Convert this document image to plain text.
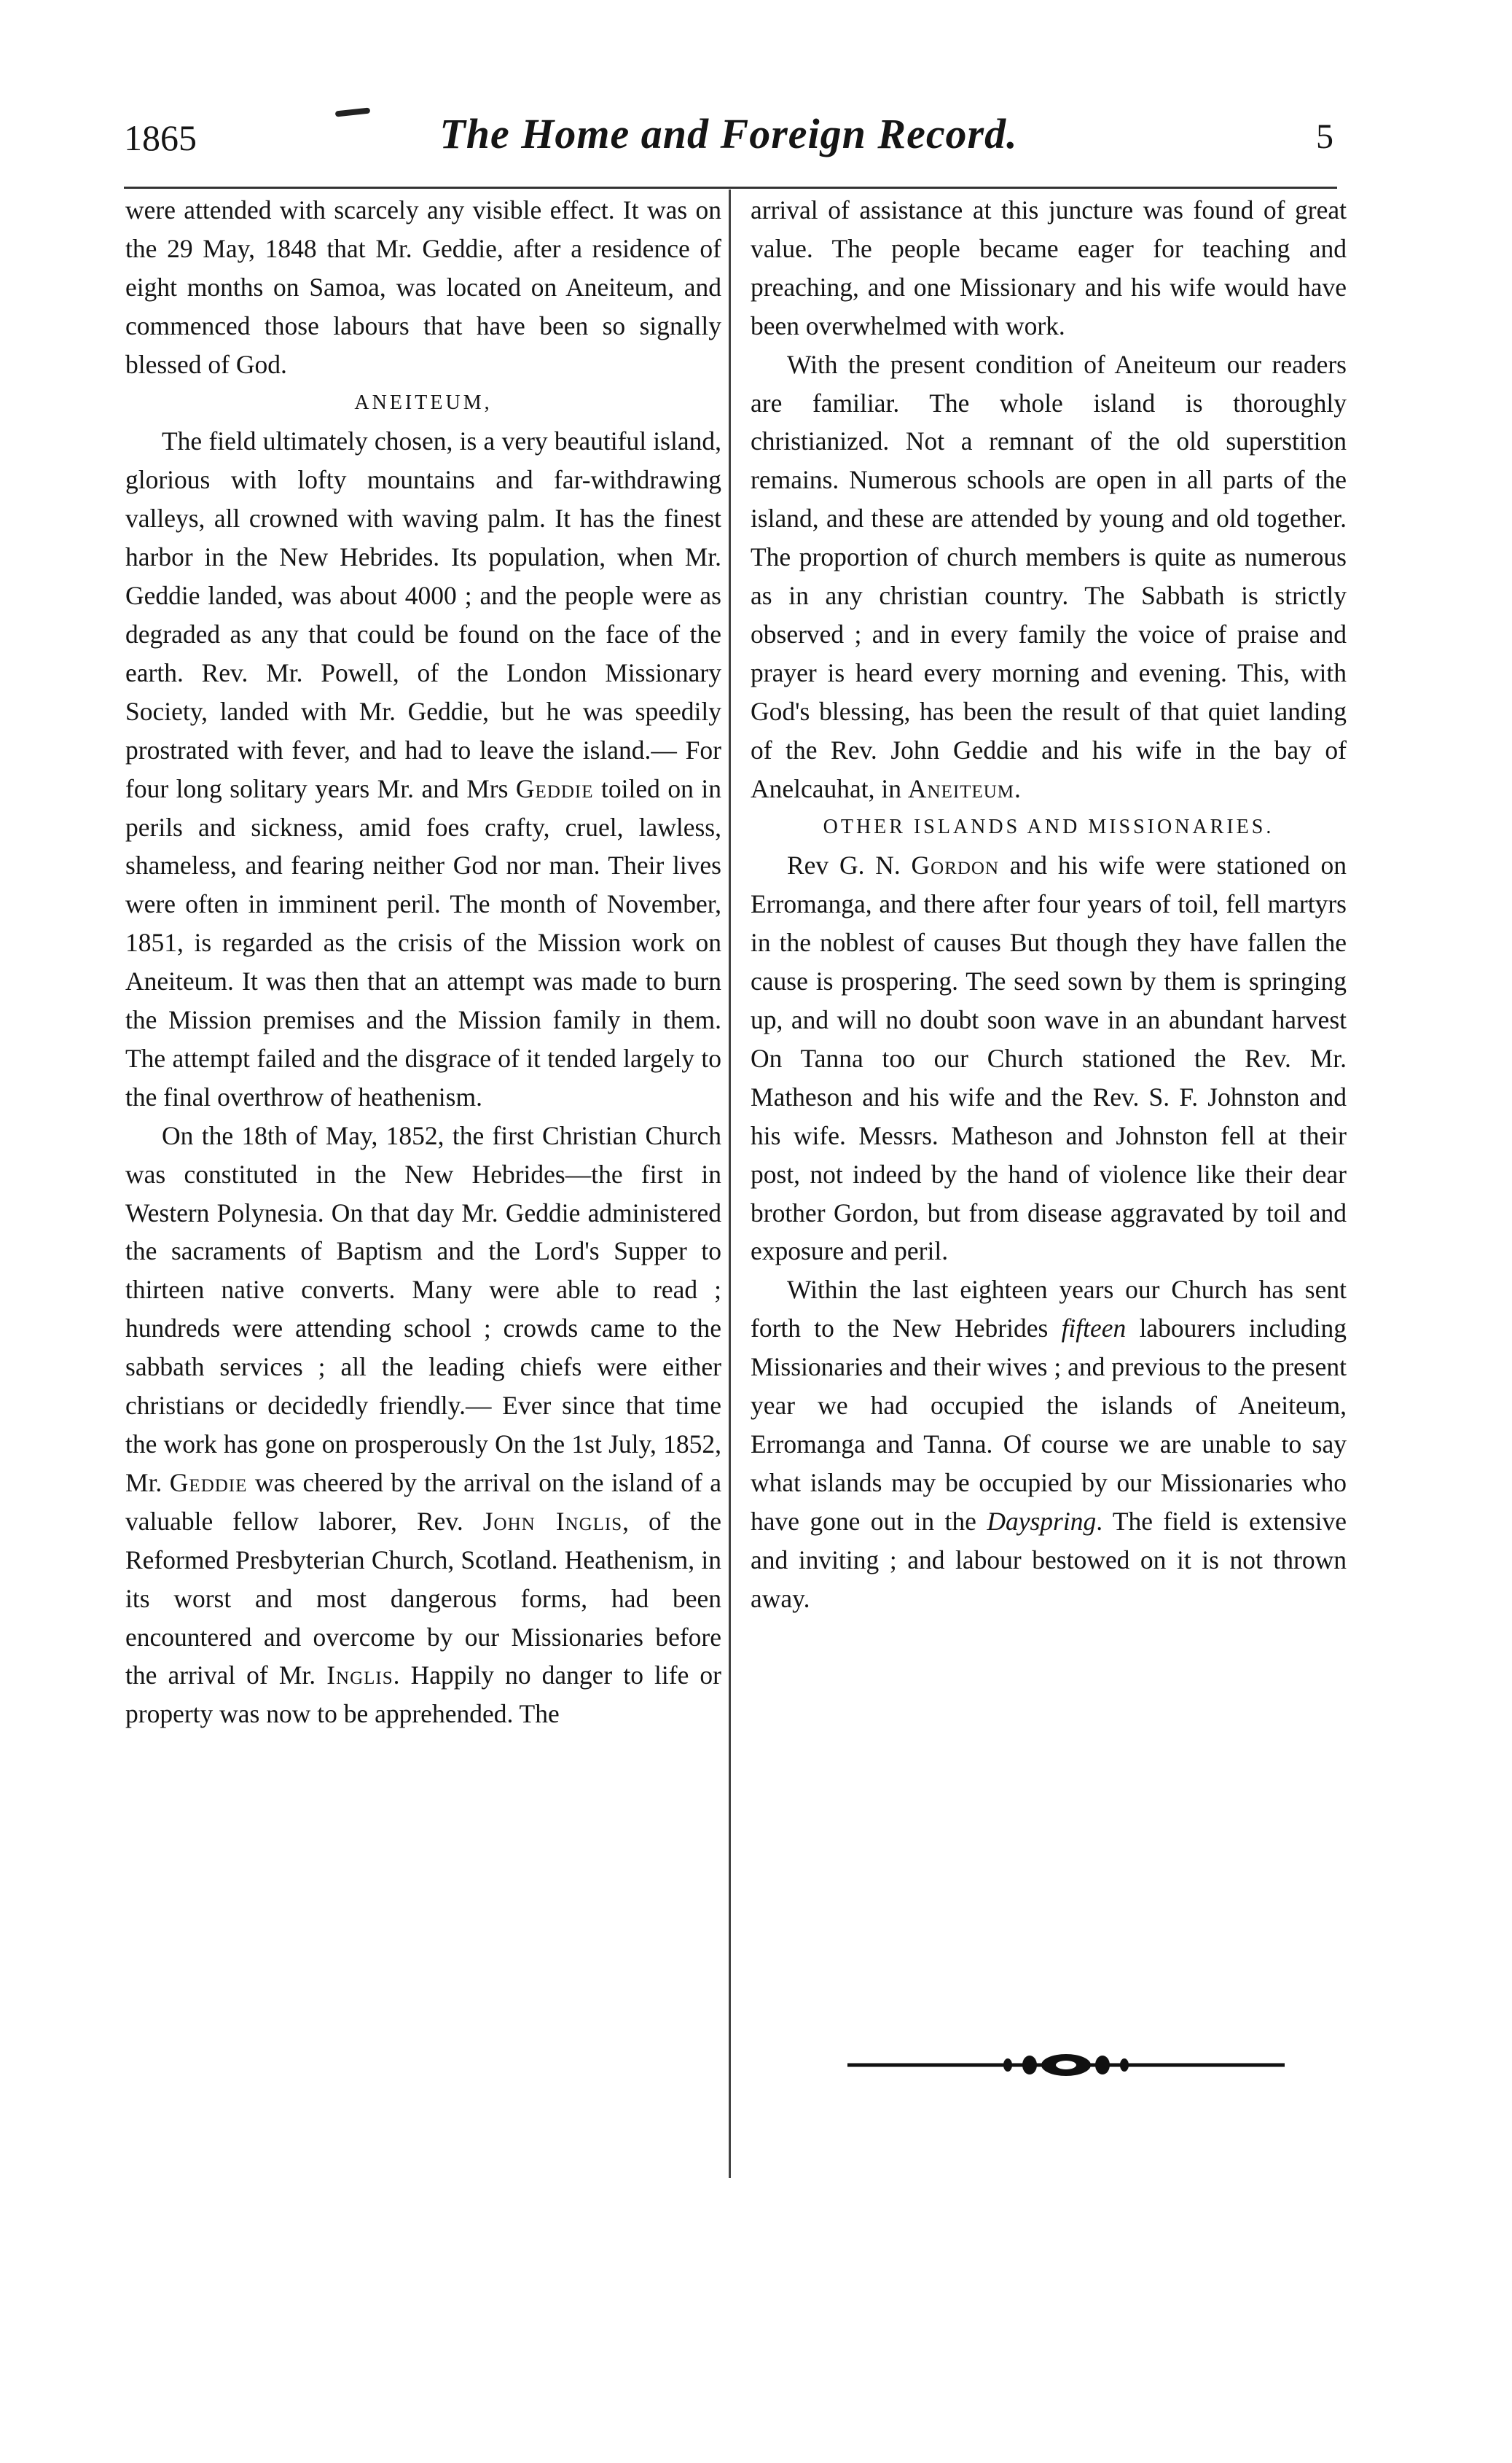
1865	The Home and Foreign Record.	5

were attended with scarcely any visible effect. It was on the 29 May, 1848 that Mr. Geddie, after a residence of eight months on Samoa, was located on Aneiteum, and commenced those labours that have been so signally blessed of God.

ANEITEUM,

The field ultimately chosen, is a very beautiful island, glorious with lofty mountains and far-withdrawing valleys, all crowned with waving palm. It has the finest harbor in the New Hebrides. Its population, when Mr. Geddie landed, was about 4000 ; and the people were as degraded as any that could be found on the face of the earth. Rev. Mr. Powell, of the London Missionary Society, landed with Mr. Geddie, but he was speedily prostrated with fever, and had to leave the island.— For four long solitary years Mr. and Mrs Geddie toiled on in perils and sickness, amid foes crafty, cruel, lawless, shameless, and fearing neither God nor man. Their lives were often in imminent peril. The month of November, 1851, is regarded as the crisis of the Mission work on Aneiteum. It was then that an attempt was made to burn the Mission premises and the Mission family in them. The attempt failed and the disgrace of it tended largely to the final overthrow of heathenism.

On the 18th of May, 1852, the first Christian Church was constituted in the New Hebrides—the first in Western Polynesia. On that day Mr. Geddie administered the sacraments of Baptism and the Lord's Supper to thirteen native converts. Many were able to read ; hundreds were attending school ; crowds came to the sabbath services ; all the leading chiefs were either christians or decidedly friendly.— Ever since that time the work has gone on prosperously On the 1st July, 1852, Mr. Geddie was cheered by the arrival on the island of a valuable fellow laborer, Rev. John Inglis, of the Reformed Presbyterian Church, Scotland. Heathenism, in its worst and most dangerous forms, had been encountered and overcome by our Missionaries before the arrival of Mr. Inglis. Happily no danger to life or property was now to be apprehended. The

arrival of assistance at this juncture was found of great value. The people became eager for teaching and preaching, and one Missionary and his wife would have been overwhelmed with work.

With the present condition of Aneiteum our readers are familiar. The whole island is thoroughly christianized. Not a remnant of the old superstition remains. Numerous schools are open in all parts of the island, and these are attended by young and old together. The proportion of church members is quite as numerous as in any christian country. The Sabbath is strictly observed ; and in every family the voice of praise and prayer is heard every morning and evening. This, with God's blessing, has been the result of that quiet landing of the Rev. John Geddie and his wife in the bay of Anelcauhat, in Aneiteum.

OTHER ISLANDS AND MISSIONARIES.

Rev G. N. Gordon and his wife were stationed on Erromanga, and there after four years of toil, fell martyrs in the noblest of causes But though they have fallen the cause is prospering. The seed sown by them is springing up, and will no doubt soon wave in an abundant harvest On Tanna too our Church stationed the Rev. Mr. Matheson and his wife and the Rev. S. F. Johnston and his wife. Messrs. Matheson and Johnston fell at their post, not indeed by the hand of violence like their dear brother Gordon, but from disease aggravated by toil and exposure and peril.

Within the last eighteen years our Church has sent forth to the New Hebrides fifteen labourers including Missionaries and their wives ; and previous to the present year we had occupied the islands of Aneiteum, Erromanga and Tanna. Of course we are unable to say what islands may be occupied by our Missionaries who have gone out in the Dayspring. The field is extensive and inviting ; and labour bestowed on it is not thrown away.
